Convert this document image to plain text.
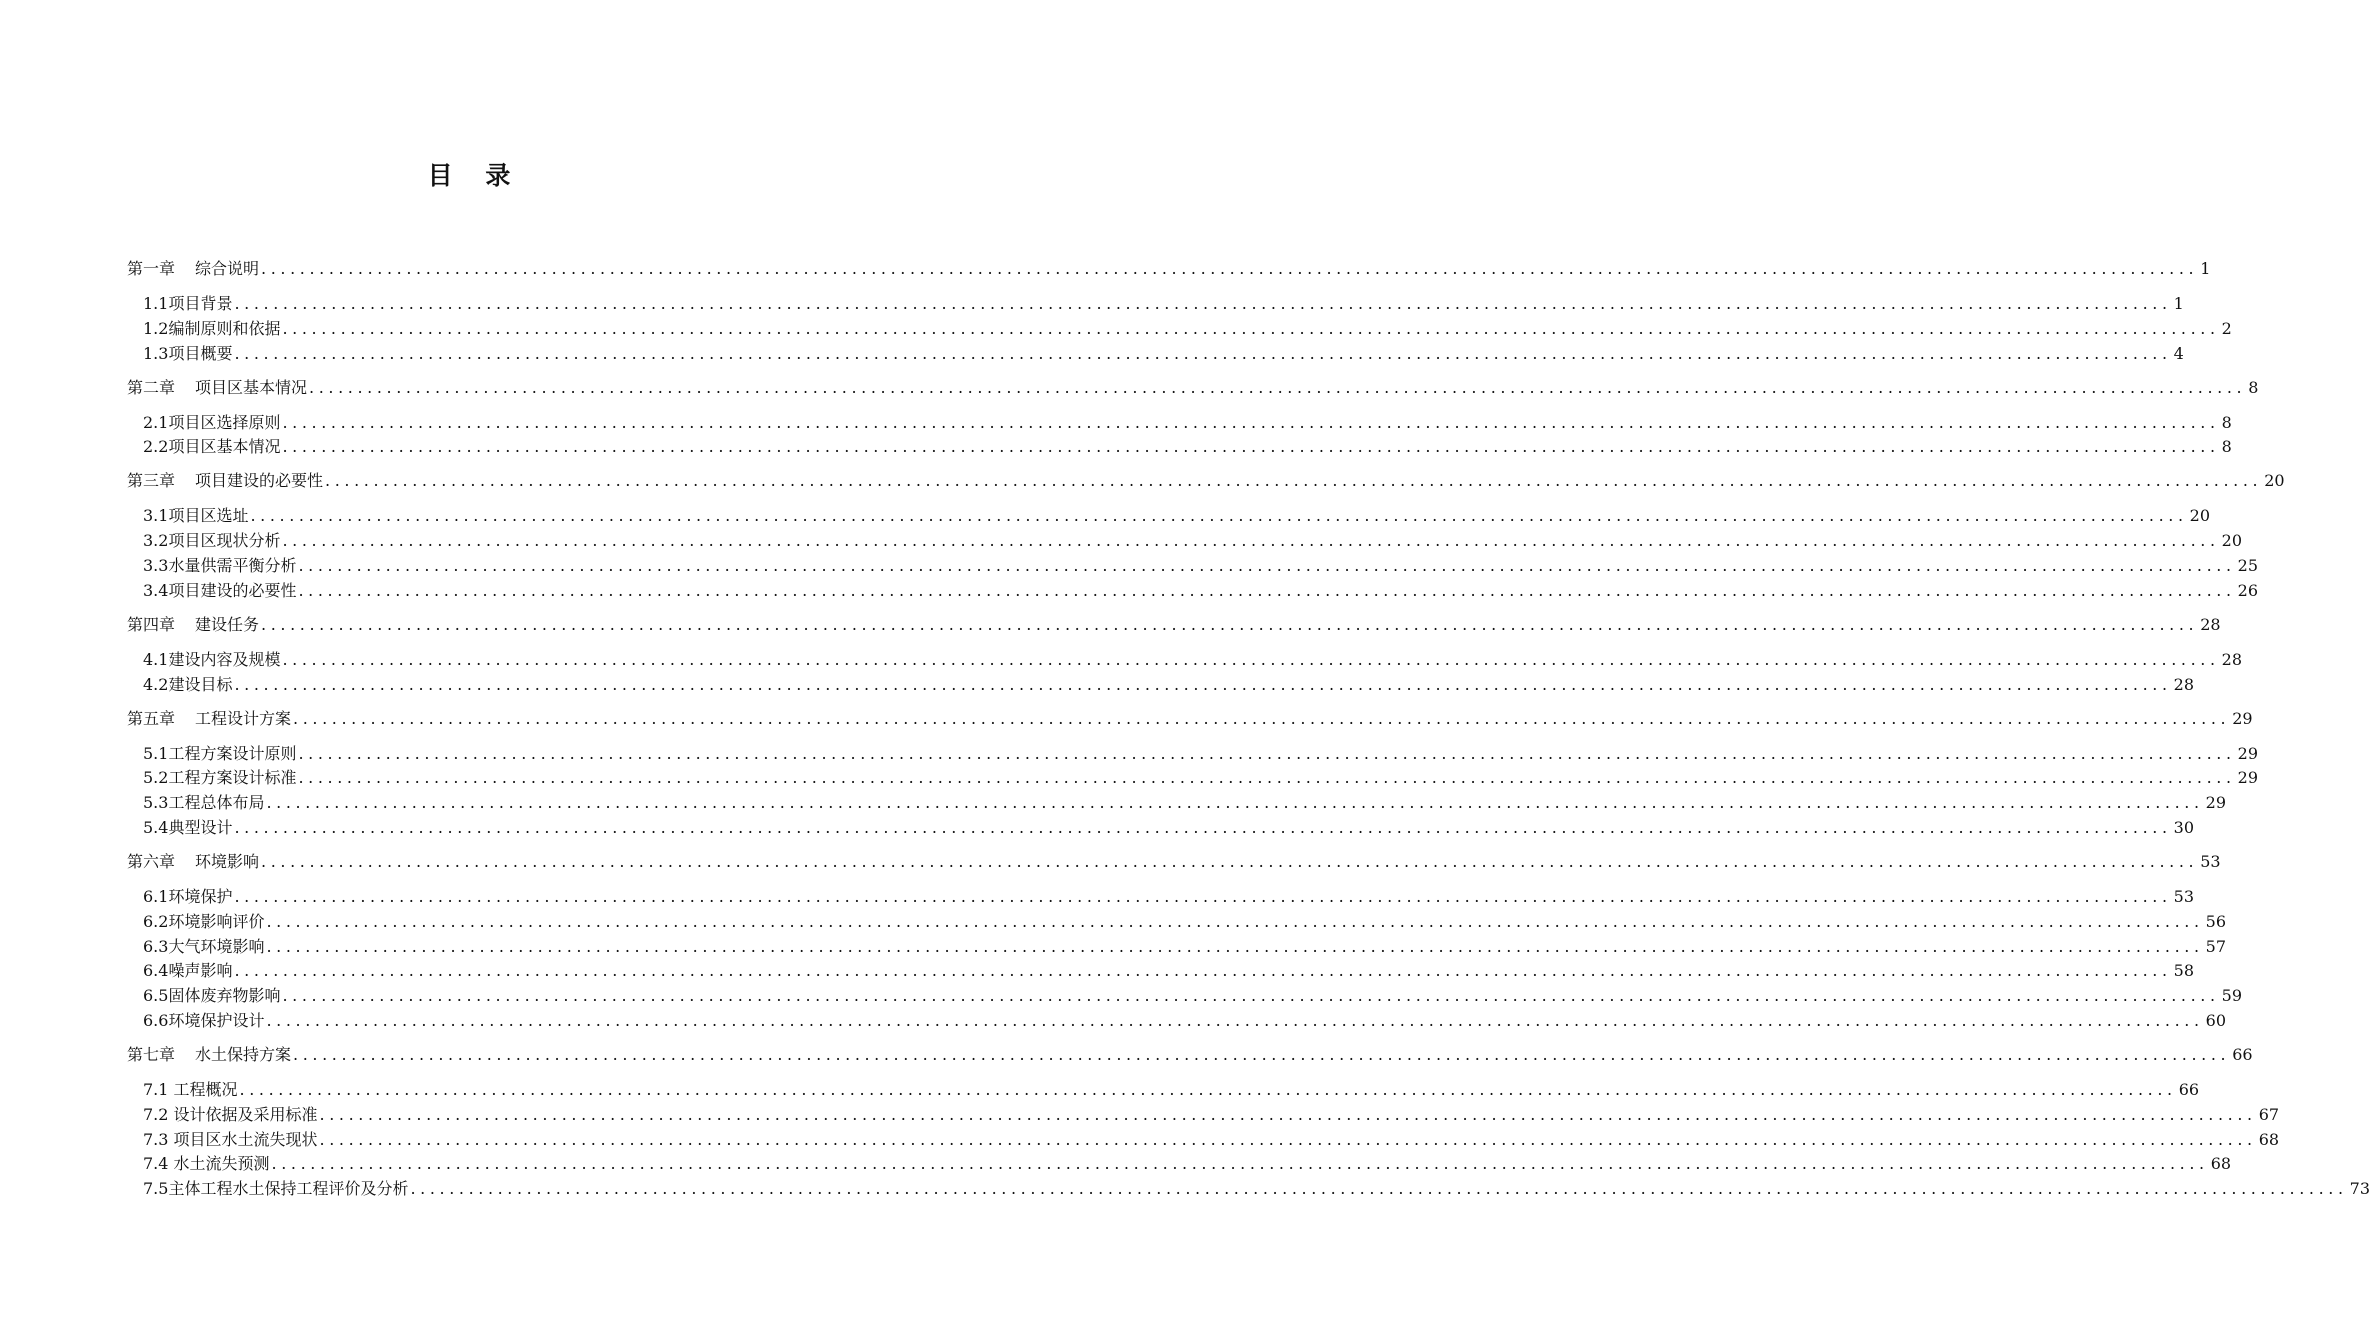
目 录
第一章 综合说明 ........................................................................................................................................................................................................ 1
1.1项目背景 ........................................................................................................................................................................................................ 1
1.2编制原则和依据 ........................................................................................................................................................................................................ 2
1.3项目概要 ........................................................................................................................................................................................................ 4
第二章 项目区基本情况 ........................................................................................................................................................................................................ 8
2.1项目区选择原则 ........................................................................................................................................................................................................ 8
2.2项目区基本情况 ........................................................................................................................................................................................................ 8
第三章 项目建设的必要性 ........................................................................................................................................................................................................ 20
3.1项目区选址 ........................................................................................................................................................................................................ 20
3.2项目区现状分析 ........................................................................................................................................................................................................ 20
3.3水量供需平衡分析 ........................................................................................................................................................................................................ 25
3.4项目建设的必要性 ........................................................................................................................................................................................................ 26
第四章 建设任务 ........................................................................................................................................................................................................ 28
4.1建设内容及规模 ........................................................................................................................................................................................................ 28
4.2建设目标 ........................................................................................................................................................................................................ 28
第五章 工程设计方案 ........................................................................................................................................................................................................ 29
5.1工程方案设计原则 ........................................................................................................................................................................................................ 29
5.2工程方案设计标准 ........................................................................................................................................................................................................ 29
5.3工程总体布局 ........................................................................................................................................................................................................ 29
5.4典型设计 ........................................................................................................................................................................................................ 30
第六章 环境影响 ........................................................................................................................................................................................................ 53
6.1环境保护 ........................................................................................................................................................................................................ 53
6.2环境影响评价 ........................................................................................................................................................................................................ 56
6.3大气环境影响 ........................................................................................................................................................................................................ 57
6.4噪声影响 ........................................................................................................................................................................................................ 58
6.5固体废弃物影响 ........................................................................................................................................................................................................ 59
6.6环境保护设计 ........................................................................................................................................................................................................ 60
第七章 水土保持方案 ........................................................................................................................................................................................................ 66
7.1 工程概况 ........................................................................................................................................................................................................ 66
7.2 设计依据及采用标准 ........................................................................................................................................................................................................ 67
7.3 项目区水土流失现状 ........................................................................................................................................................................................................ 68
7.4 水土流失预测 ........................................................................................................................................................................................................ 68
7.5主体工程水土保持工程评价及分析 ........................................................................................................................................................................................................ 73
